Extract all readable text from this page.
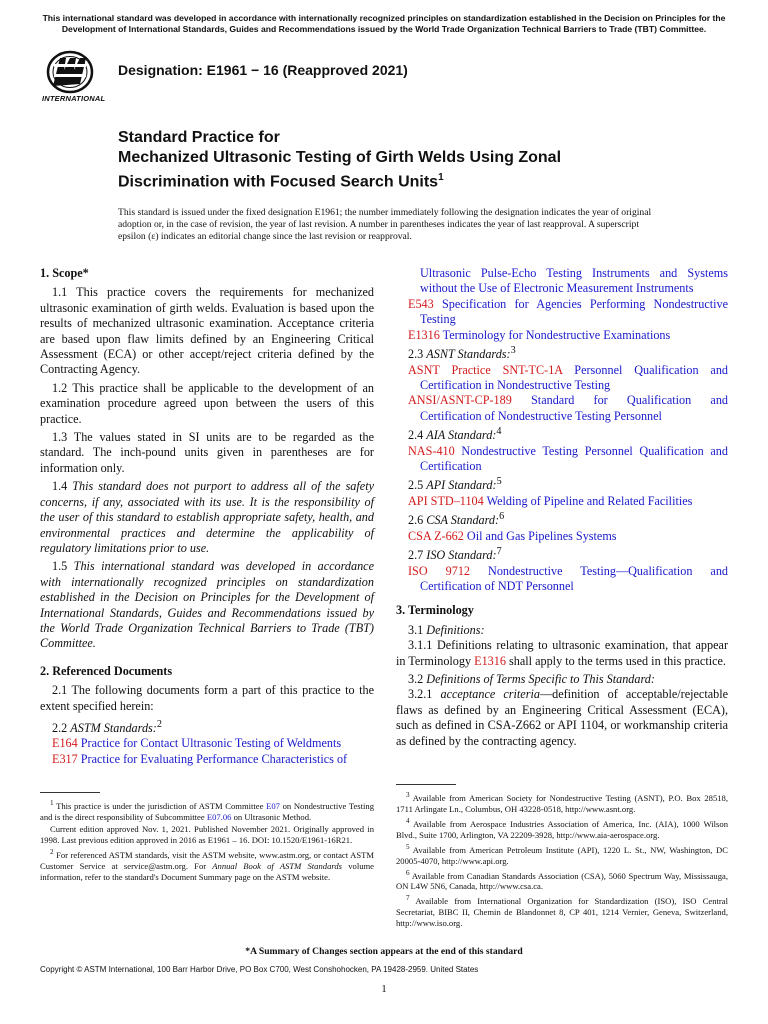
This international standard was developed in accordance with internationally recognized principles on standardization established in the Decision on Principles for the Development of International Standards, Guides and Recommendations issued by the World Trade Organization Technical Barriers to Trade (TBT) Committee.
INTERNATIONAL
Designation: E1961 − 16 (Reapproved 2021)
Standard Practice for
Mechanized Ultrasonic Testing of Girth Welds Using Zonal
Discrimination with Focused Search Units$^1$
This standard is issued under the fixed designation E1961; the number immediately following the designation indicates the year of original adoption or, in the case of revision, the year of last revision. A number in parentheses indicates the year of last reapproval. A superscript epsilon (ε) indicates an editorial change since the last revision or reapproval.

1. Scope*

1.1 This practice covers the requirements for mechanized ultrasonic examination of girth welds. Evaluation is based upon the results of mechanized ultrasonic examination. Acceptance criteria are based upon flaw limits defined by an Engineering Critical Assessment (ECA) or other accept/reject criteria defined by the Contracting Agency.

1.2 This practice shall be applicable to the development of an examination procedure agreed upon between the users of this practice.

1.3 The values stated in SI units are to be regarded as the standard. The inch-pound units given in parentheses are for information only.

1.4 This standard does not purport to address all of the safety concerns, if any, associated with its use. It is the responsibility of the user of this standard to establish appropriate safety, health, and environmental practices and determine the applicability of regulatory limitations prior to use.

1.5 This international standard was developed in accordance with internationally recognized principles on standardization established in the Decision on Principles for the Development of International Standards, Guides and Recommendations issued by the World Trade Organization Technical Barriers to Trade (TBT) Committee.

2. Referenced Documents

2.1 The following documents form a part of this practice to the extent specified herein:

2.2 ASTM Standards:$^2$

E164 Practice for Contact Ultrasonic Testing of Weldments

E317 Practice for Evaluating Performance Characteristics of

Ultrasonic Pulse-Echo Testing Instruments and Systems without the Use of Electronic Measurement Instruments

E543 Specification for Agencies Performing Nondestructive Testing

E1316 Terminology for Nondestructive Examinations

2.3 ASNT Standards:$^3$

ASNT Practice SNT-TC-1A Personnel Qualification and Certification in Nondestructive Testing

ANSI/ASNT-CP-189 Standard for Qualification and Certification of Nondestructive Testing Personnel

2.4 AIA Standard:$^4$

NAS-410 Nondestructive Testing Personnel Qualification and Certification

2.5 API Standard:$^5$

API STD–1104 Welding of Pipeline and Related Facilities

2.6 CSA Standard:$^6$

CSA Z-662 Oil and Gas Pipelines Systems

2.7 ISO Standard:$^7$

ISO 9712 Nondestructive Testing—Qualification and Certification of NDT Personnel

3. Terminology

3.1 Definitions:

3.1.1 Definitions relating to ultrasonic examination, that appear in Terminology E1316 shall apply to the terms used in this practice.

3.2 Definitions of Terms Specific to This Standard:

3.2.1 acceptance criteria—definition of acceptable/rejectable flaws as defined by an Engineering Critical Assessment (ECA), such as defined in CSA-Z662 or API 1104, or workmanship criteria as defined by the contracting agency.

$^1$ This practice is under the jurisdiction of ASTM Committee E07 on Nondestructive Testing and is the direct responsibility of Subcommittee E07.06 on Ultrasonic Method.

Current edition approved Nov. 1, 2021. Published November 2021. Originally approved in 1998. Last previous edition approved in 2016 as E1961 – 16. DOI: 10.1520/E1961-16R21.

$^2$ For referenced ASTM standards, visit the ASTM website, www.astm.org, or contact ASTM Customer Service at service@astm.org. For Annual Book of ASTM Standards volume information, refer to the standard's Document Summary page on the ASTM website.

$^3$ Available from American Society for Nondestructive Testing (ASNT), P.O. Box 28518, 1711 Arlingate Ln., Columbus, OH 43228-0518, http://www.asnt.org.

$^4$ Available from Aerospace Industries Association of America, Inc. (AIA), 1000 Wilson Blvd., Suite 1700, Arlington, VA 22209-3928, http://www.aia-aerospace.org.

$^5$ Available from American Petroleum Institute (API), 1220 L. St., NW, Washington, DC 20005-4070, http://www.api.org.

$^6$ Available from Canadian Standards Association (CSA), 5060 Spectrum Way, Mississauga, ON L4W 5N6, Canada, http://www.csa.ca.

$^7$ Available from International Organization for Standardization (ISO), ISO Central Secretariat, BIBC II, Chemin de Blandonnet 8, CP 401, 1214 Vernier, Geneva, Switzerland, http://www.iso.org.

*A Summary of Changes section appears at the end of this standard
Copyright © ASTM International, 100 Barr Harbor Drive, PO Box C700, West Conshohocken, PA 19428-2959. United States
1
